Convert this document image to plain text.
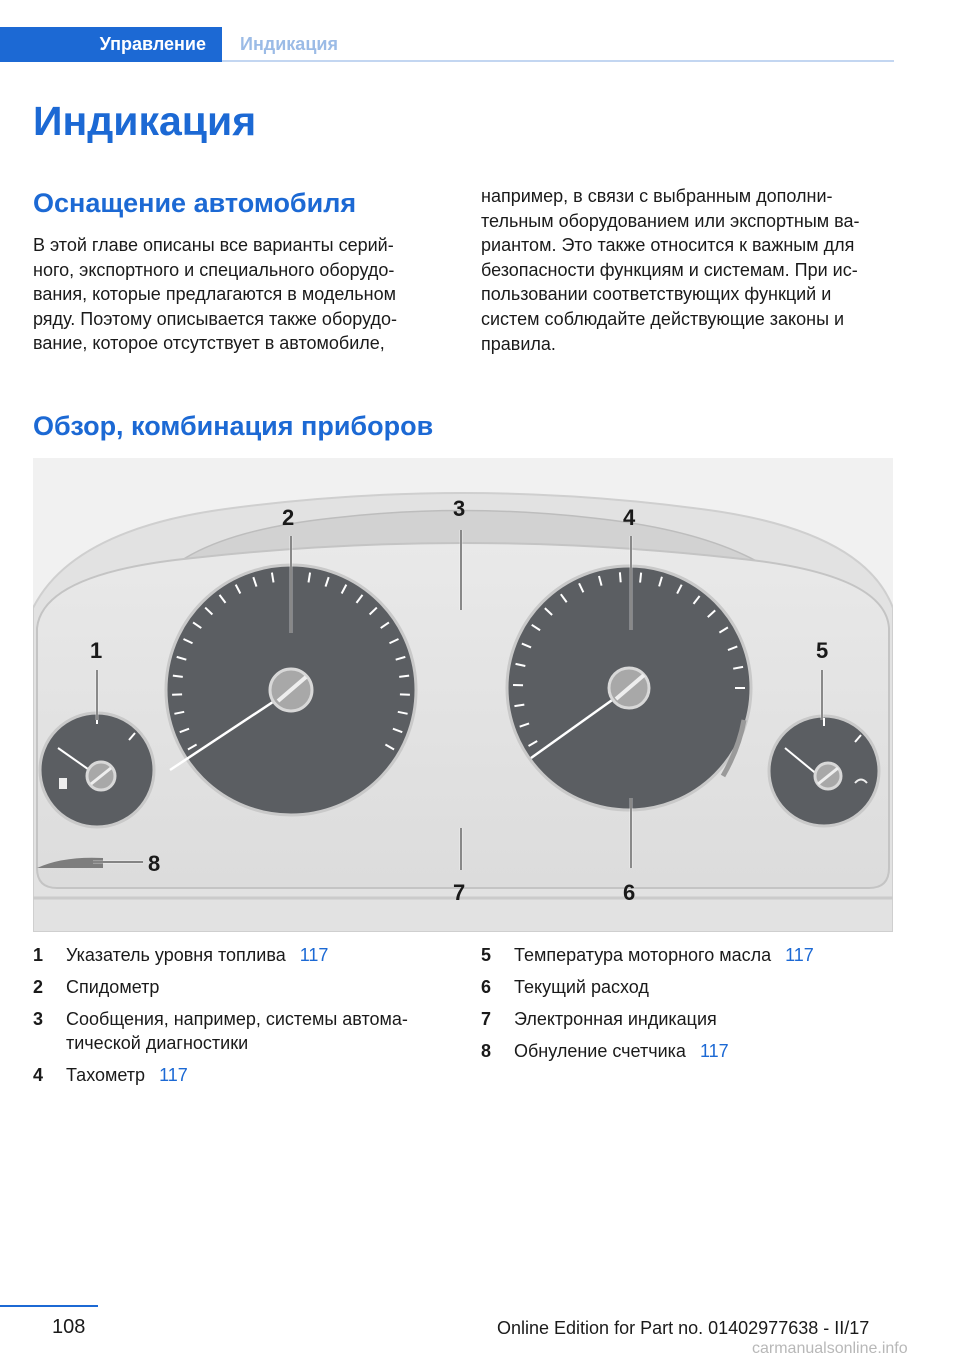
Управление	Индикация
Индикация
Оснащение автомобиля

В этой главе описаны все варианты серий-
ного, экспортного и специального оборудо-
вания, которые предлагаются в модельном
ряду. Поэтому описывается также оборудо-
вание, которое отсутствует в автомобиле,

например, в связи с выбранным дополни-
тельным оборудованием или экспортным ва-
риантом. Это также относится к важным для
безопасности функциям и системам. При ис-
пользовании соответствующих функций и
систем соблюдайте действующие законы и
правила.

Обзор, комбинация приборов
1
2	3	4
5
6
7
8
1	Указатель уровня топлива 117
2	Спидометр
3	Сообщения, например, системы автома-
тической диагностики
4	Тахометр 117
5	Температура моторного масла 117
6	Текущий расход
7	Электронная индикация
8	Обнуление счетчика 117
108	Online Edition for Part no. 01402977638 - II/17
carmanualsonline.info
